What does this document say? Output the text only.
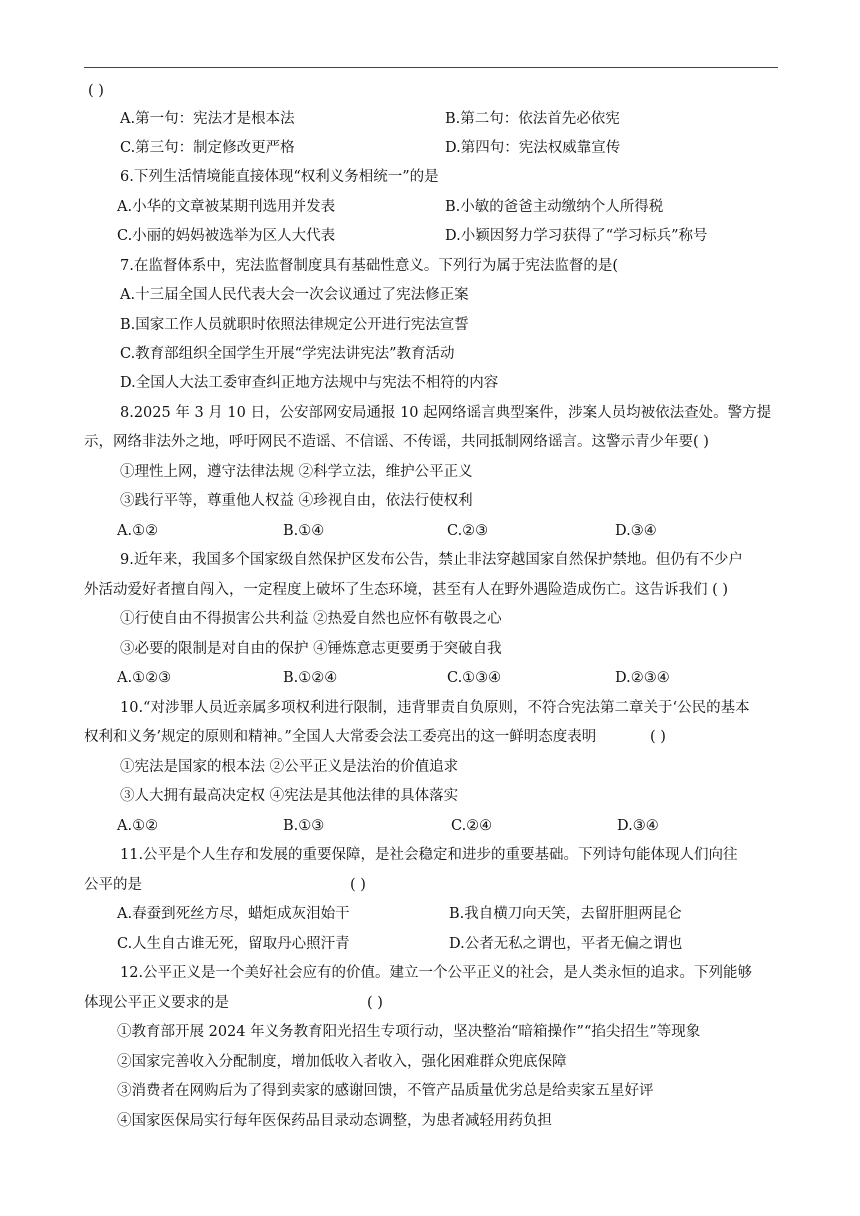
( )
A.第一句：宪法才是根本法	B.第二句：依法首先必依宪
C.第三句：制定修改更严格	D.第四句：宪法权威靠宣传
6.下列生活情境能直接体现“权利义务相统一”的是
A.小华的文章被某期刊选用并发表	B.小敏的爸爸主动缴纳个人所得税
C.小丽的妈妈被选举为区人大代表	D.小颖因努力学习获得了“学习标兵”称号
7.在监督体系中，宪法监督制度具有基础性意义。下列行为属于宪法监督的是(
A.十三届全国人民代表大会一次会议通过了宪法修正案
B.国家工作人员就职时依照法律规定公开进行宪法宣誓
C.教育部组织全国学生开展“学宪法讲宪法”教育活动
D.全国人大法工委审查纠正地方法规中与宪法不相符的内容
8.2025 年 3 月 10 日，公安部网安局通报 10 起网络谣言典型案件，涉案人员均被依法查处。警方提
示，网络非法外之地，呼吁网民不造谣、不信谣、不传谣，共同抵制网络谣言。这警示青少年要( )
①理性上网，遵守法律法规 ②科学立法，维护公平正义
③践行平等，尊重他人权益 ④珍视自由，依法行使权利
A.①②	B.①④	C.②③	D.③④
9.近年来，我国多个国家级自然保护区发布公告，禁止非法穿越国家自然保护禁地。但仍有不少户
外活动爱好者擅自闯入，一定程度上破坏了生态环境，甚至有人在野外遇险造成伤亡。这告诉我们 ( )
①行使自由不得损害公共利益 ②热爱自然也应怀有敬畏之心
③必要的限制是对自由的保护 ④锤炼意志更要勇于突破自我
A.①②③	B.①②④	C.①③④	D.②③④
10.“对涉罪人员近亲属多项权利进行限制，违背罪责自负原则，不符合宪法第二章关于‘公民的基本
权利和义务’规定的原则和精神。”全国人大常委会法工委亮出的这一鲜明态度表明	( )
①宪法是国家的根本法 ②公平正义是法治的价值追求
③人大拥有最高决定权 ④宪法是其他法律的具体落实
A.①②	B.①③	C.②④	D.③④
11.公平是个人生存和发展的重要保障，是社会稳定和进步的重要基础。下列诗句能体现人们向往
公平的是	( )
A.春蚕到死丝方尽，蜡炬成灰泪始干	B.我自横刀向天笑，去留肝胆两昆仑
C.人生自古谁无死，留取丹心照汗青	D.公者无私之谓也，平者无偏之谓也
12.公平正义是一个美好社会应有的价值。建立一个公平正义的社会，是人类永恒的追求。下列能够
体现公平正义要求的是	( )
①教育部开展 2024 年义务教育阳光招生专项行动，坚决整治“暗箱操作”“掐尖招生”等现象
②国家完善收入分配制度，增加低收入者收入，强化困难群众兜底保障
③消费者在网购后为了得到卖家的感谢回馈，不管产品质量优劣总是给卖家五星好评
④国家医保局实行每年医保药品目录动态调整，为患者减轻用药负担
